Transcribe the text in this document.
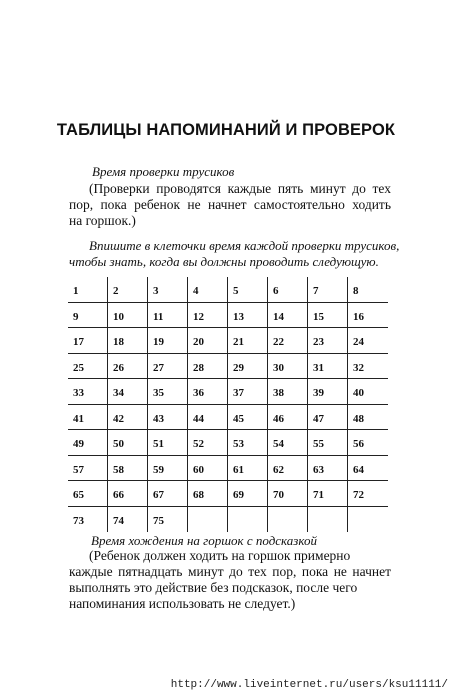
ТАБЛИЦЫ НАПОМИНАНИЙ И ПРОВЕРОК
Время проверки трусиков
(Проверки проводятся каждые пять минут до тех
пор, пока ребенок не начнет самостоятельно ходить
на горшок.)
Впишите в клеточки время каждой проверки трусиков,
чтобы знать, когда вы должны проводить следующую.
1	2	3	4	5	6	7	8
9	10	11	12	13	14	15	16
17	18	19	20	21	22	23	24
25	26	27	28	29	30	31	32
33	34	35	36	37	38	39	40
41	42	43	44	45	46	47	48
49	50	51	52	53	54	55	56
57	58	59	60	61	62	63	64
65	66	67	68	69	70	71	72
73	74	75
Время хождения на горшок с подсказкой
(Ребенок должен ходить на горшок примерно
каждые пятнадцать минут до тех пор, пока не начнет
выполнять это действие без подсказок, после чего
напоминания использовать не следует.)
http://www.liveinternet.ru/users/ksu11111/
